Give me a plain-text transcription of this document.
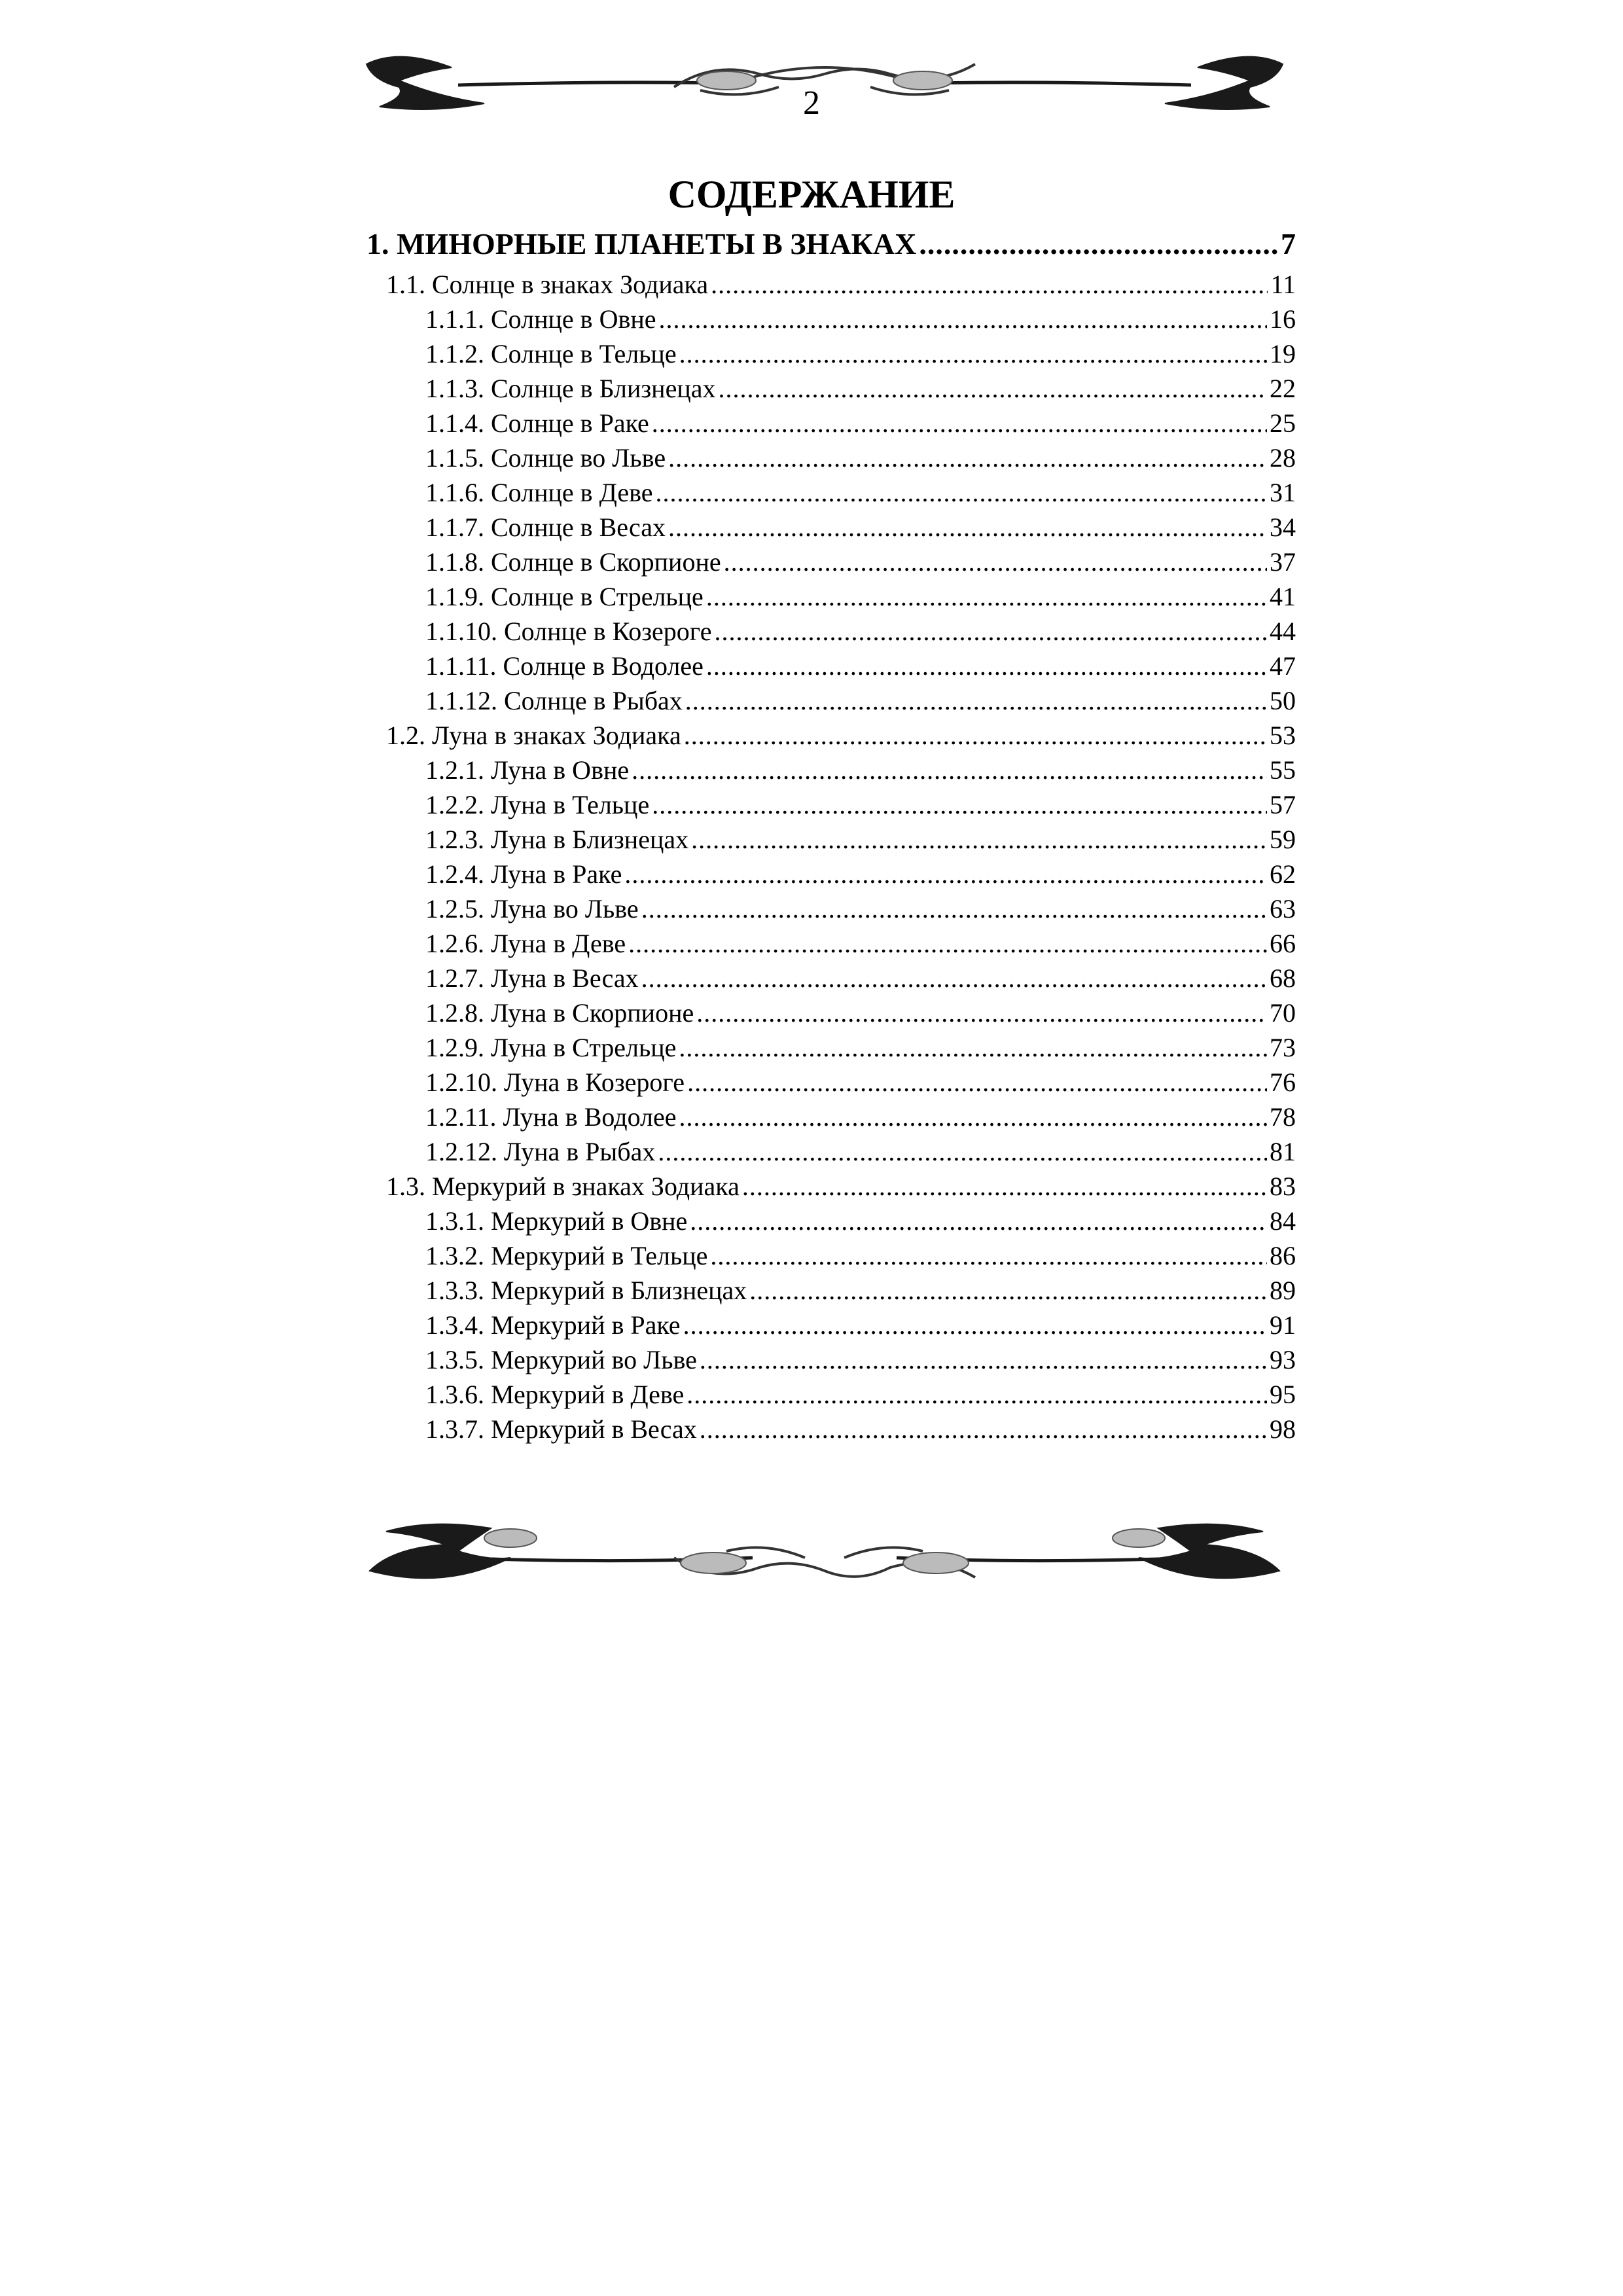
2
СОДЕРЖАНИЕ
1. МИНОРНЫЕ ПЛАНЕТЫ В ЗНАКАХ .....	7
1.1. Солнце в знаках Зодиака .....	11
1.1.1. Солнце в Овне .....	16
1.1.2. Солнце в Тельце .....	19
1.1.3. Солнце в Близнецах .....	22
1.1.4. Солнце в Раке .....	25
1.1.5. Солнце во Льве .....	28
1.1.6. Солнце в Деве .....	31
1.1.7. Солнце в Весах .....	34
1.1.8. Солнце в Скорпионе .....	37
1.1.9. Солнце в Стрельце .....	41
1.1.10. Солнце в Козероге .....	44
1.1.11. Солнце в Водолее .....	47
1.1.12. Солнце в Рыбах .....	50
1.2. Луна в знаках Зодиака .....	53
1.2.1. Луна в Овне .....	55
1.2.2. Луна в Тельце .....	57
1.2.3. Луна в Близнецах .....	59
1.2.4. Луна в Раке .....	62
1.2.5. Луна во Льве .....	63
1.2.6. Луна в Деве .....	66
1.2.7. Луна в Весах .....	68
1.2.8. Луна в Скорпионе .....	70
1.2.9. Луна в Стрельце .....	73
1.2.10. Луна в Козероге .....	76
1.2.11. Луна в Водолее .....	78
1.2.12. Луна в Рыбах .....	81
1.3. Меркурий в знаках Зодиака .....	83
1.3.1. Меркурий в Овне .....	84
1.3.2. Меркурий в Тельце .....	86
1.3.3. Меркурий в Близнецах .....	89
1.3.4. Меркурий в Раке .....	91
1.3.5. Меркурий во Льве .....	93
1.3.6. Меркурий в Деве .....	95
1.3.7. Меркурий в Весах .....	98
